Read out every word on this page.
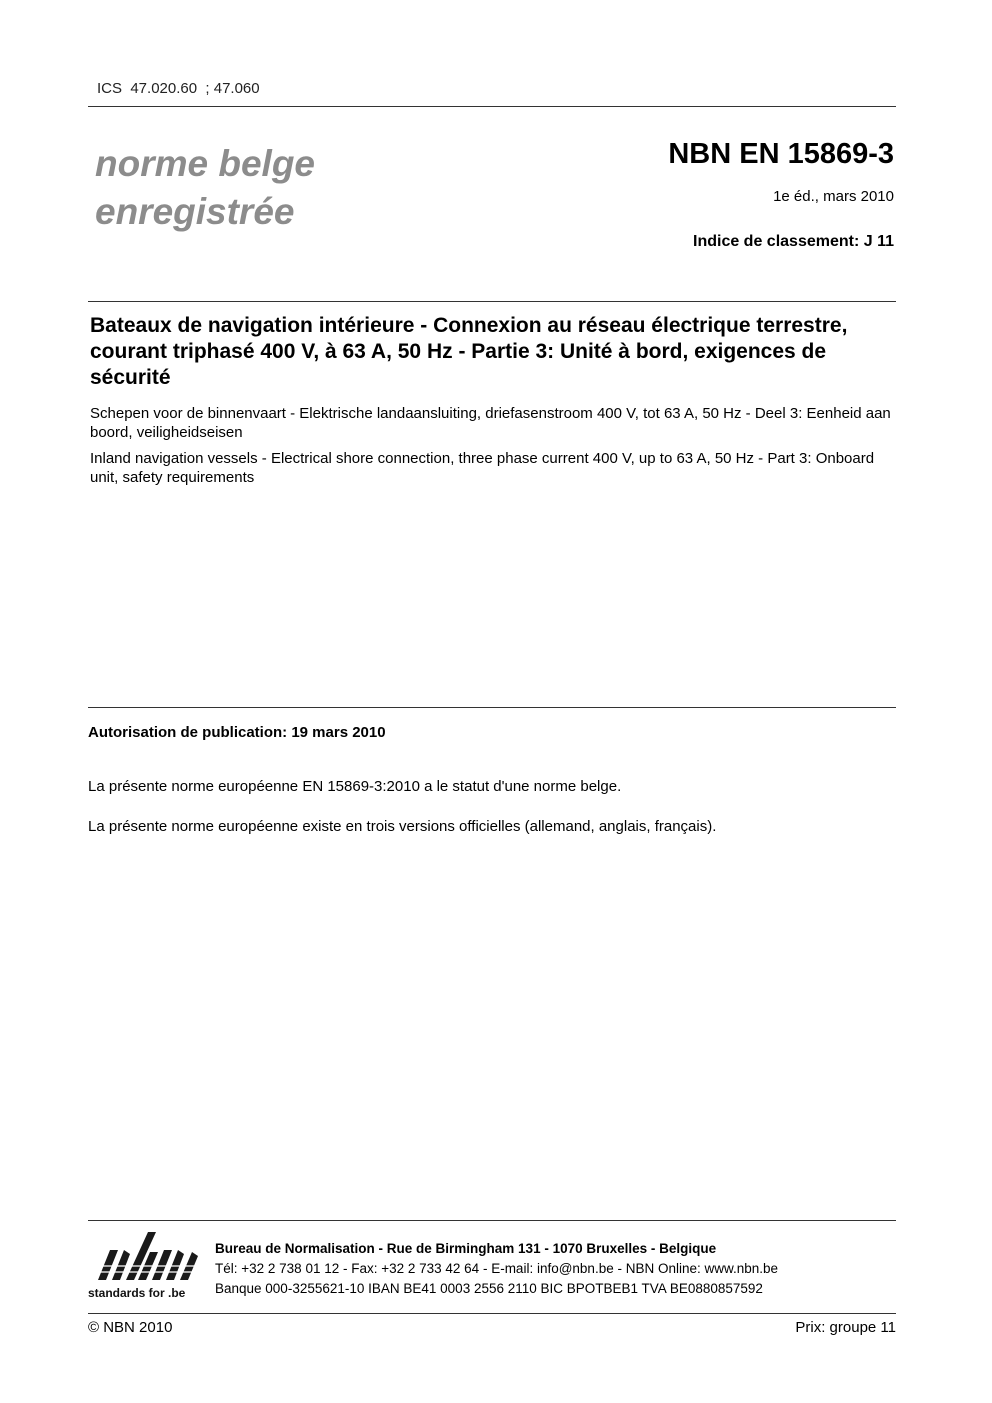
ICS  47.020.60  ; 47.060
norme belge
enregistrée
NBN EN 15869-3
1e éd., mars 2010
Indice de classement: J 11
Bateaux de navigation intérieure - Connexion au réseau électrique terrestre, courant triphasé 400 V, à 63 A, 50 Hz - Partie 3: Unité à bord, exigences de sécurité
Schepen voor de binnenvaart - Elektrische landaansluiting, driefasenstroom 400 V, tot 63 A, 50 Hz - Deel 3: Eenheid aan boord, veiligheidseisen
Inland navigation vessels - Electrical shore connection, three phase current 400 V, up to 63 A, 50 Hz - Part 3: Onboard unit, safety requirements
Autorisation de publication: 19 mars 2010
La présente norme européenne EN 15869-3:2010 a le statut d'une norme belge.
La présente norme européenne existe en trois versions officielles (allemand, anglais, français).
standards for .be
Bureau de Normalisation - Rue de Birmingham 131 - 1070 Bruxelles - Belgique
Tél: +32 2 738 01 12 - Fax: +32 2 733 42 64 - E-mail: info@nbn.be - NBN Online: www.nbn.be
Banque 000-3255621-10 IBAN BE41 0003 2556 2110 BIC BPOTBEB1 TVA BE0880857592
© NBN 2010	Prix: groupe 11
